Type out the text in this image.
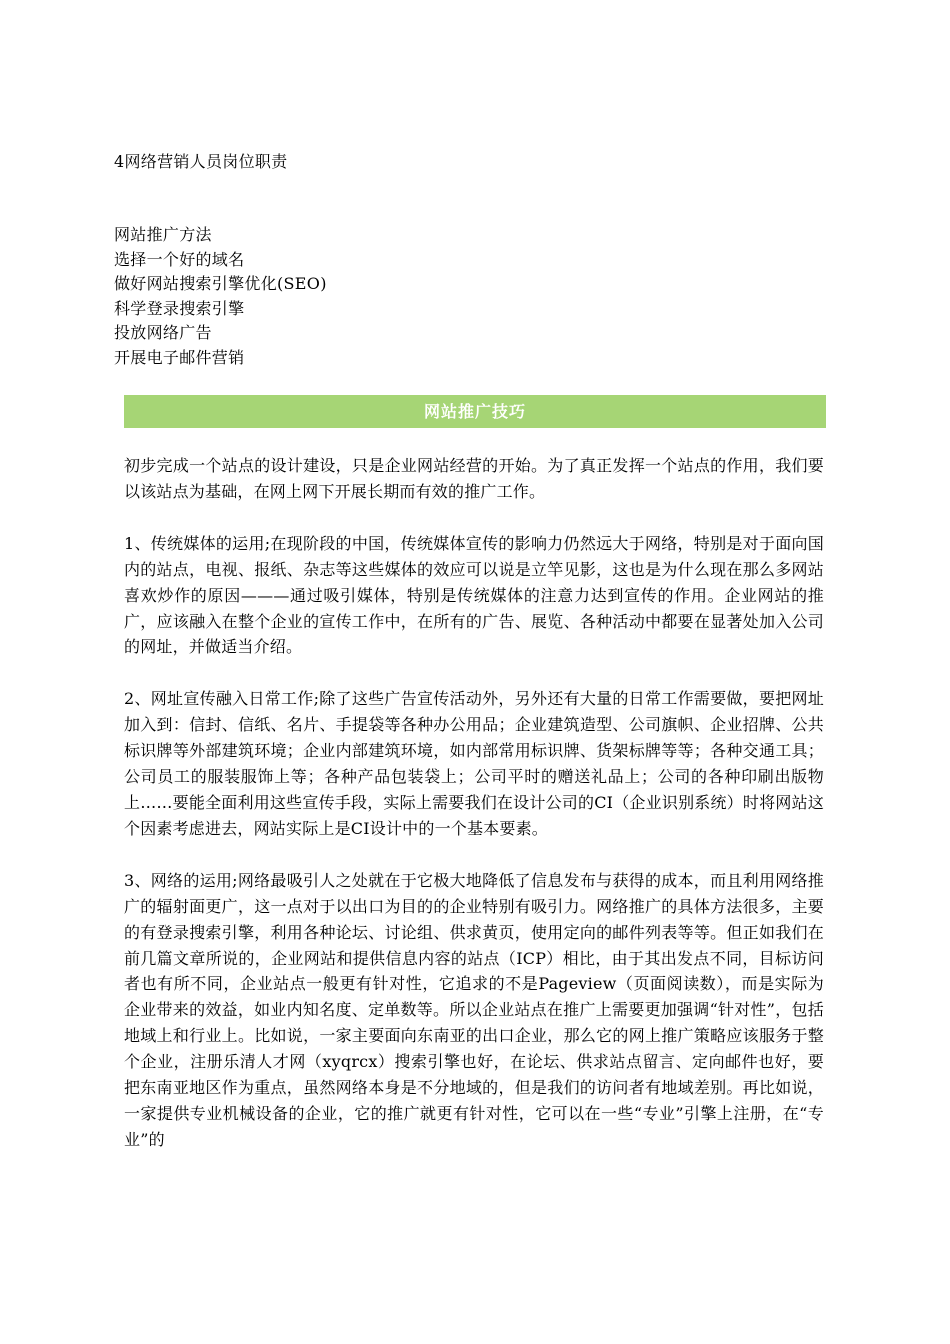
4网络营销人员岗位职责
网站推广方法
选择一个好的域名
做好网站搜索引擎优化(SEO)
科学登录搜索引擎
投放网络广告
开展电子邮件营销
网站推广技巧

初步完成一个站点的设计建设，只是企业网站经营的开始。为了真正发挥一个站点的作用，我们要以该站点为基础，在网上网下开展长期而有效的推广工作。

1、传统媒体的运用;在现阶段的中国，传统媒体宣传的影响力仍然远大于网络，特别是对于面向国内的站点，电视、报纸、杂志等这些媒体的效应可以说是立竿见影，这也是为什么现在那么多网站喜欢炒作的原因———通过吸引媒体，特别是传统媒体的注意力达到宣传的作用。企业网站的推广，应该融入在整个企业的宣传工作中，在所有的广告、展览、各种活动中都要在显著处加入公司的网址，并做适当介绍。

2、网址宣传融入日常工作;除了这些广告宣传活动外，另外还有大量的日常工作需要做，要把网址加入到：信封、信纸、名片、手提袋等各种办公用品；企业建筑造型、公司旗帜、企业招牌、公共标识牌等外部建筑环境；企业内部建筑环境，如内部常用标识牌、货架标牌等等；各种交通工具；公司员工的服装服饰上等；各种产品包装袋上；公司平时的赠送礼品上；公司的各种印刷出版物上……要能全面利用这些宣传手段，实际上需要我们在设计公司的CI（企业识别系统）时将网站这个因素考虑进去，网站实际上是CI设计中的一个基本要素。

3、网络的运用;网络最吸引人之处就在于它极大地降低了信息发布与获得的成本，而且利用网络推广的辐射面更广，这一点对于以出口为目的的企业特别有吸引力。网络推广的具体方法很多，主要的有登录搜索引擎，利用各种论坛、讨论组、供求黄页，使用定向的邮件列表等等。但正如我们在前几篇文章所说的，企业网站和提供信息内容的站点（ICP）相比，由于其出发点不同，目标访问者也有所不同，企业站点一般更有针对性，它追求的不是Pageview（页面阅读数），而是实际为企业带来的效益，如业内知名度、定单数等。所以企业站点在推广上需要更加强调“针对性”，包括地域上和行业上。比如说，一家主要面向东南亚的出口企业，那么它的网上推广策略应该服务于整个企业，注册乐清人才网（xyqrcx）搜索引擎也好，在论坛、供求站点留言、定向邮件也好，要把东南亚地区作为重点，虽然网络本身是不分地域的，但是我们的访问者有地域差别。再比如说，一家提供专业机械设备的企业，它的推广就更有针对性，它可以在一些“专业”引擎上注册，在“专业”的
